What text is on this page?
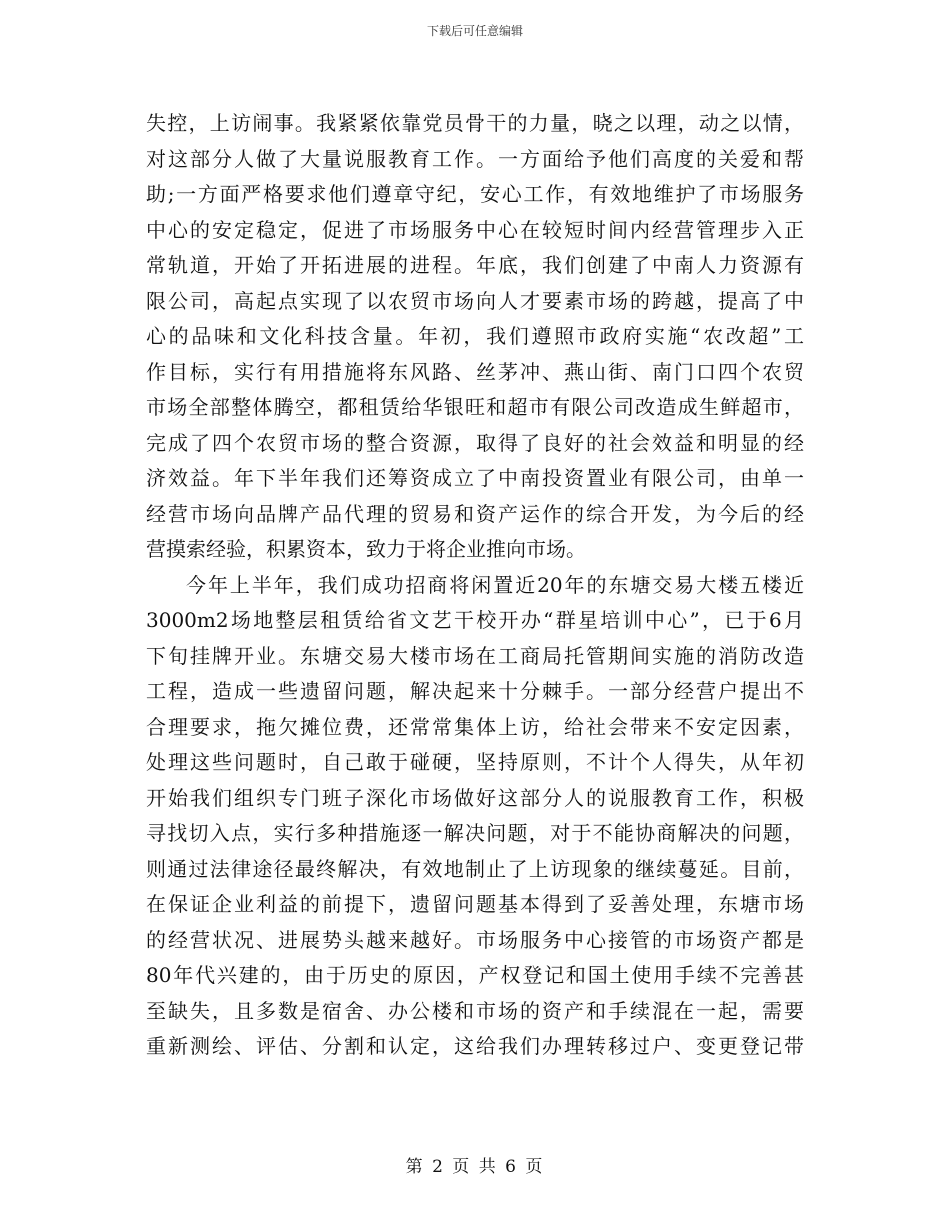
下载后可任意编辑
失控，上访闹事。我紧紧依靠党员骨干的力量，晓之以理，动之以情，
对这部分人做了大量说服教育工作。一方面给予他们高度的关爱和帮
助;一方面严格要求他们遵章守纪，安心工作，有效地维护了市场服务
中心的安定稳定，促进了市场服务中心在较短时间内经营管理步入正
常轨道，开始了开拓进展的进程。年底，我们创建了中南人力资源有
限公司，高起点实现了以农贸市场向人才要素市场的跨越，提高了中
心的品味和文化科技含量。年初，我们遵照市政府实施“农改超”工
作目标，实行有用措施将东风路、丝茅冲、燕山街、南门口四个农贸
市场全部整体腾空，都租赁给华银旺和超市有限公司改造成生鲜超市，
完成了四个农贸市场的整合资源，取得了良好的社会效益和明显的经
济效益。年下半年我们还筹资成立了中南投资置业有限公司，由单一
经营市场向品牌产品代理的贸易和资产运作的综合开发，为今后的经
营摸索经验，积累资本，致力于将企业推向市场。
今年上半年，我们成功招商将闲置近20年的东塘交易大楼五楼近
3000m2场地整层租赁给省文艺干校开办“群星培训中心”，已于6月
下旬挂牌开业。东塘交易大楼市场在工商局托管期间实施的消防改造
工程，造成一些遗留问题，解决起来十分棘手。一部分经营户提出不
合理要求，拖欠摊位费，还常常集体上访，给社会带来不安定因素，
处理这些问题时，自己敢于碰硬，坚持原则，不计个人得失，从年初
开始我们组织专门班子深化市场做好这部分人的说服教育工作，积极
寻找切入点，实行多种措施逐一解决问题，对于不能协商解决的问题，
则通过法律途径最终解决，有效地制止了上访现象的继续蔓延。目前，
在保证企业利益的前提下，遗留问题基本得到了妥善处理，东塘市场
的经营状况、进展势头越来越好。市场服务中心接管的市场资产都是
80年代兴建的，由于历史的原因，产权登记和国土使用手续不完善甚
至缺失，且多数是宿舍、办公楼和市场的资产和手续混在一起，需要
重新测绘、评估、分割和认定，这给我们办理转移过户、变更登记带
第 2 页 共 6 页
